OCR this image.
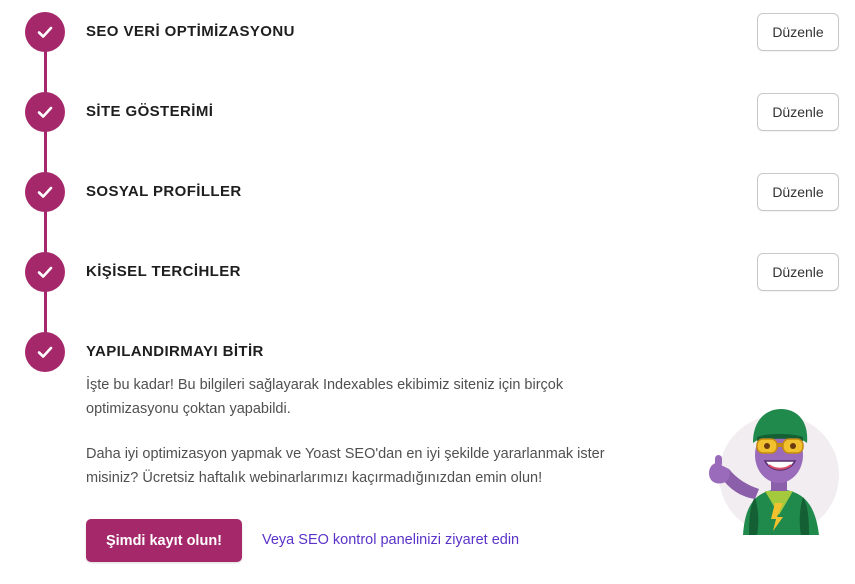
SEO VERİ OPTİMİZASYONU	Düzenle
SİTE GÖSTERİMİ	Düzenle
SOSYAL PROFİLLER	Düzenle
KİŞİSEL TERCİHLER	Düzenle
YAPILANDIRMAYI BİTİR
İşte bu kadar! Bu bilgileri sağlayarak Indexables ekibimiz siteniz için birçok
optimizasyonu çoktan yapabildi.
Daha iyi optimizasyon yapmak ve Yoast SEO'dan en iyi şekilde yararlanmak ister
misiniz? Ücretsiz haftalık webinarlarımızı kaçırmadığınızdan emin olun!
Şimdi kayıt olun!	Veya SEO kontrol panelinizi ziyaret edin
